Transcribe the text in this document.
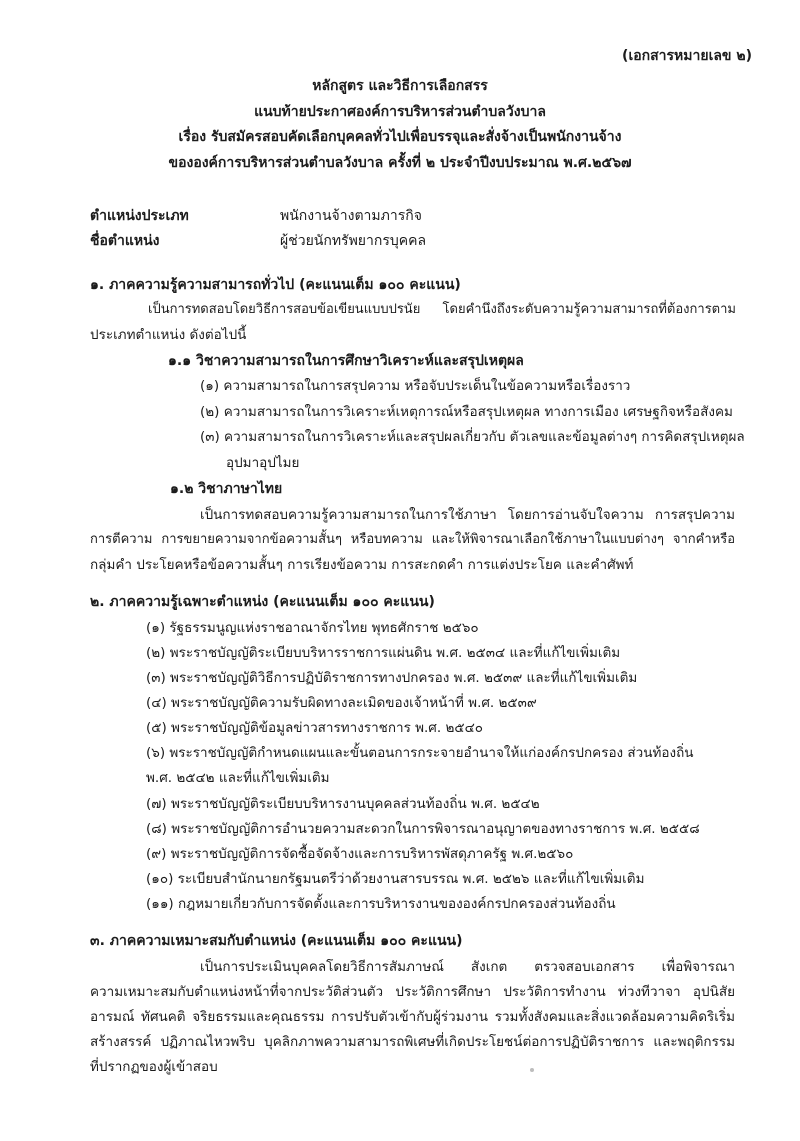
(เอกสารหมายเลข ๒)
หลักสูตร และวิธีการเลือกสรร
แนบท้ายประกาศองค์การบริหารส่วนตำบลวังบาล
เรื่อง รับสมัครสอบคัดเลือกบุคคลทั่วไปเพื่อบรรจุและสั่งจ้างเป็นพนักงานจ้าง
ขององค์การบริหารส่วนตำบลวังบาล ครั้งที่ ๒ ประจำปีงบประมาณ พ.ศ.๒๕๖๗
ตำแหน่งประเภท	พนักงานจ้างตามภารกิจ
ชื่อตำแหน่ง	ผู้ช่วยนักทรัพยากรบุคคล
๑. ภาคความรู้ความสามารถทั่วไป (คะแนนเต็ม ๑๐๐ คะแนน)
เป็นการทดสอบโดยวิธีการสอบข้อเขียนแบบปรนัย โดยคำนึงถึงระดับความรู้ความสามารถที่ต้องการตาม
ประเภทตำแหน่ง ดังต่อไปนี้
๑.๑ วิชาความสามารถในการศึกษาวิเคราะห์และสรุปเหตุผล
(๑) ความสามารถในการสรุปความ หรือจับประเด็นในข้อความหรือเรื่องราว
(๒) ความสามารถในการวิเคราะห์เหตุการณ์หรือสรุปเหตุผล ทางการเมือง เศรษฐกิจหรือสังคม
(๓) ความสามารถในการวิเคราะห์และสรุปผลเกี่ยวกับ ตัวเลขและข้อมูลต่างๆ การคิดสรุปเหตุผล
อุปมาอุปไมย
๑.๒ วิชาภาษาไทย
เป็นการทดสอบความรู้ความสามารถในการใช้ภาษา โดยการอ่านจับใจความ การสรุปความ
การตีความ การขยายความจากข้อความสั้นๆ หรือบทความ และให้พิจารณาเลือกใช้ภาษาในแบบต่างๆ จากคำหรือ
กลุ่มคำ ประโยคหรือข้อความสั้นๆ การเรียงข้อความ การสะกดคำ การแต่งประโยค และคำศัพท์
๒. ภาคความรู้เฉพาะตำแหน่ง (คะแนนเต็ม ๑๐๐ คะแนน)
(๑) รัฐธรรมนูญแห่งราชอาณาจักรไทย พุทธศักราช ๒๕๖๐
(๒) พระราชบัญญัติระเบียบบริหารราชการแผ่นดิน พ.ศ. ๒๕๓๔ และที่แก้ไขเพิ่มเติม
(๓) พระราชบัญญัติวิธีการปฏิบัติราชการทางปกครอง พ.ศ. ๒๕๓๙ และที่แก้ไขเพิ่มเติม
(๔) พระราชบัญญัติความรับผิดทางละเมิดของเจ้าหน้าที่ พ.ศ. ๒๕๓๙
(๕) พระราชบัญญัติข้อมูลข่าวสารทางราชการ พ.ศ. ๒๕๔๐
(๖) พระราชบัญญัติกำหนดแผนและขั้นตอนการกระจายอำนาจให้แก่องค์กรปกครอง ส่วนท้องถิ่น
พ.ศ. ๒๕๔๒ และที่แก้ไขเพิ่มเติม
(๗) พระราชบัญญัติระเบียบบริหารงานบุคคลส่วนท้องถิ่น พ.ศ. ๒๕๔๒
(๘) พระราชบัญญัติการอำนวยความสะดวกในการพิจารณาอนุญาตของทางราชการ พ.ศ. ๒๕๕๘
(๙) พระราชบัญญัติการจัดซื้อจัดจ้างและการบริหารพัสดุภาครัฐ พ.ศ.๒๕๖๐
(๑๐) ระเบียบสำนักนายกรัฐมนตรีว่าด้วยงานสารบรรณ พ.ศ. ๒๕๒๖ และที่แก้ไขเพิ่มเติม
(๑๑) กฎหมายเกี่ยวกับการจัดตั้งและการบริหารงานขององค์กรปกครองส่วนท้องถิ่น
๓. ภาคความเหมาะสมกับตำแหน่ง (คะแนนเต็ม ๑๐๐ คะแนน)
เป็นการประเมินบุคคลโดยวิธีการสัมภาษณ์ สังเกต ตรวจสอบเอกสาร เพื่อพิจารณา
ความเหมาะสมกับตำแหน่งหน้าที่จากประวัติส่วนตัว ประวัติการศึกษา ประวัติการทำงาน ท่วงทีวาจา อุปนิสัย
อารมณ์ ทัศนคติ จริยธรรมและคุณธรรม การปรับตัวเข้ากับผู้ร่วมงาน รวมทั้งสังคมและสิ่งแวดล้อมความคิดริเริ่ม
สร้างสรรค์ ปฏิภาณไหวพริบ บุคลิกภาพความสามารถพิเศษที่เกิดประโยชน์ต่อการปฏิบัติราชการ และพฤติกรรม
ที่ปรากฏของผู้เข้าสอบ
